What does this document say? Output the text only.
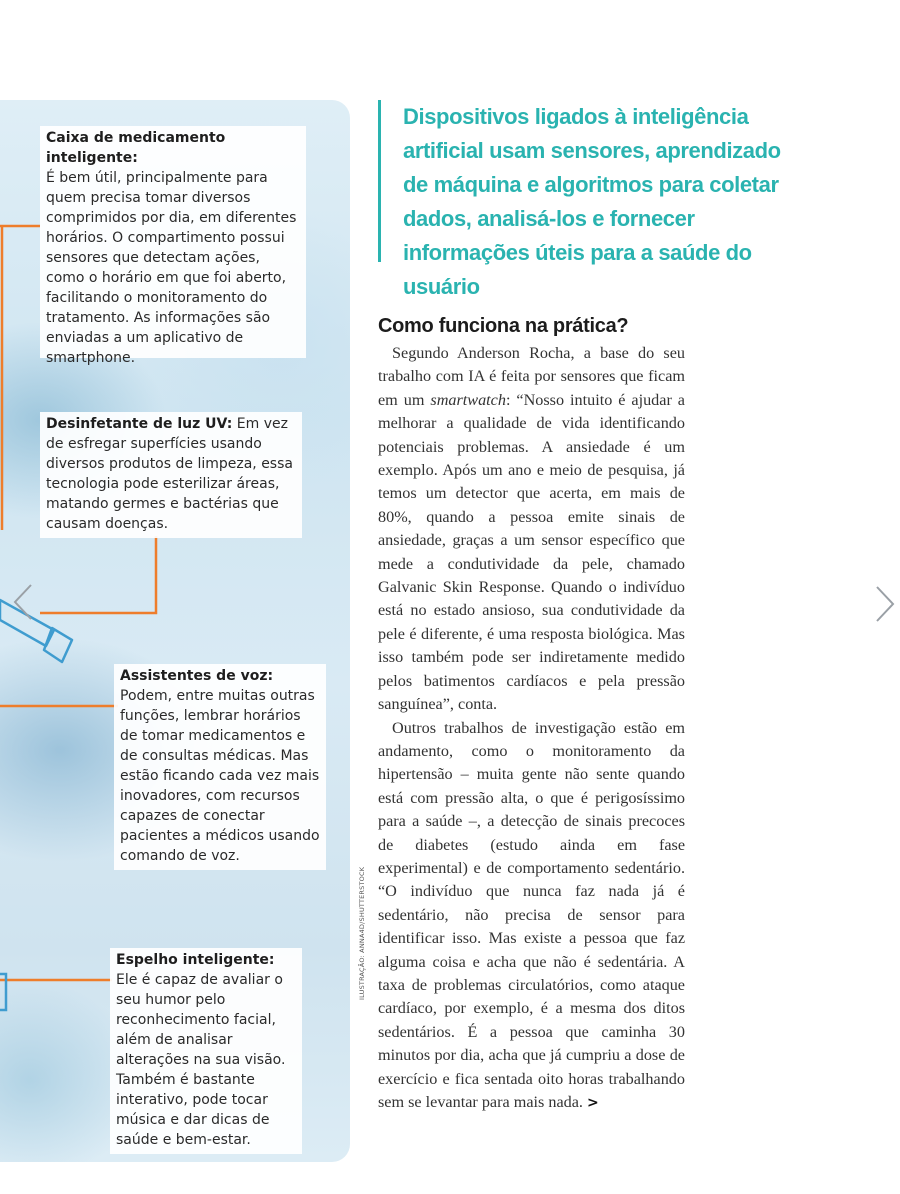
Caixa de medicamento inteligente:
É bem útil, principalmente para quem precisa tomar diversos comprimidos por dia, em diferentes horários. O compartimento possui sensores que detectam ações, como o horário em que foi aberto, facilitando o monitoramento do tratamento. As informações são enviadas a um aplicativo de smartphone.
Desinfetante de luz UV: Em vez de esfregar superfícies usando diversos produtos de limpeza, essa tecnologia pode esterilizar áreas, matando germes e bactérias que causam doenças.
Assistentes de voz: Podem, entre muitas outras funções, lembrar horários de tomar medicamentos e de consultas médicas. Mas estão ficando cada vez mais inovadores, com recursos capazes de conectar pacientes a médicos usando comando de voz.
Espelho inteligente:
Ele é capaz de avaliar o seu humor pelo reconhecimento facial, além de analisar alterações na sua visão. Também é bastante interativo, pode tocar música e dar dicas de saúde e bem-estar.
Dispositivos ligados à inteligência artificial usam sensores, aprendizado de máquina e algoritmos para coletar dados, analisá-los e fornecer informações úteis para a saúde do usuário
Como funciona na prática?

Segundo Anderson Rocha, a base do seu trabalho com IA é feita por sensores que ficam em um smartwatch: “Nosso intuito é ajudar a melhorar a qualidade de vida identificando potenciais problemas. A ansiedade é um exemplo. Após um ano e meio de pesquisa, já temos um detector que acerta, em mais de 80%, quando a pessoa emite sinais de ansiedade, graças a um sensor específico que mede a condutividade da pele, chamado Galvanic Skin Response. Quando o indivíduo está no estado ansioso, sua condutividade da pele é diferente, é uma resposta biológica. Mas isso também pode ser indiretamente medido pelos batimentos cardíacos e pela pressão sanguínea”, conta.

Outros trabalhos de investigação estão em andamento, como o monitoramento da hipertensão – muita gente não sente quando está com pressão alta, o que é perigosíssimo para a saúde –, a detecção de sinais precoces de diabetes (estudo ainda em fase experimental) e de comportamento sedentário. “O indivíduo que nunca faz nada já é sedentário, não precisa de sensor para identificar isso. Mas existe a pessoa que faz alguma coisa e acha que não é sedentária. A taxa de problemas circulatórios, como ataque cardíaco, por exemplo, é a mesma dos ditos sedentários. É a pessoa que caminha 30 minutos por dia, acha que já cumpriu a dose de exercício e fica sentada oito horas trabalhando sem se levantar para mais nada. >

ILUSTRAÇÃO: ANNA4D/SHUTTERSTOCK
